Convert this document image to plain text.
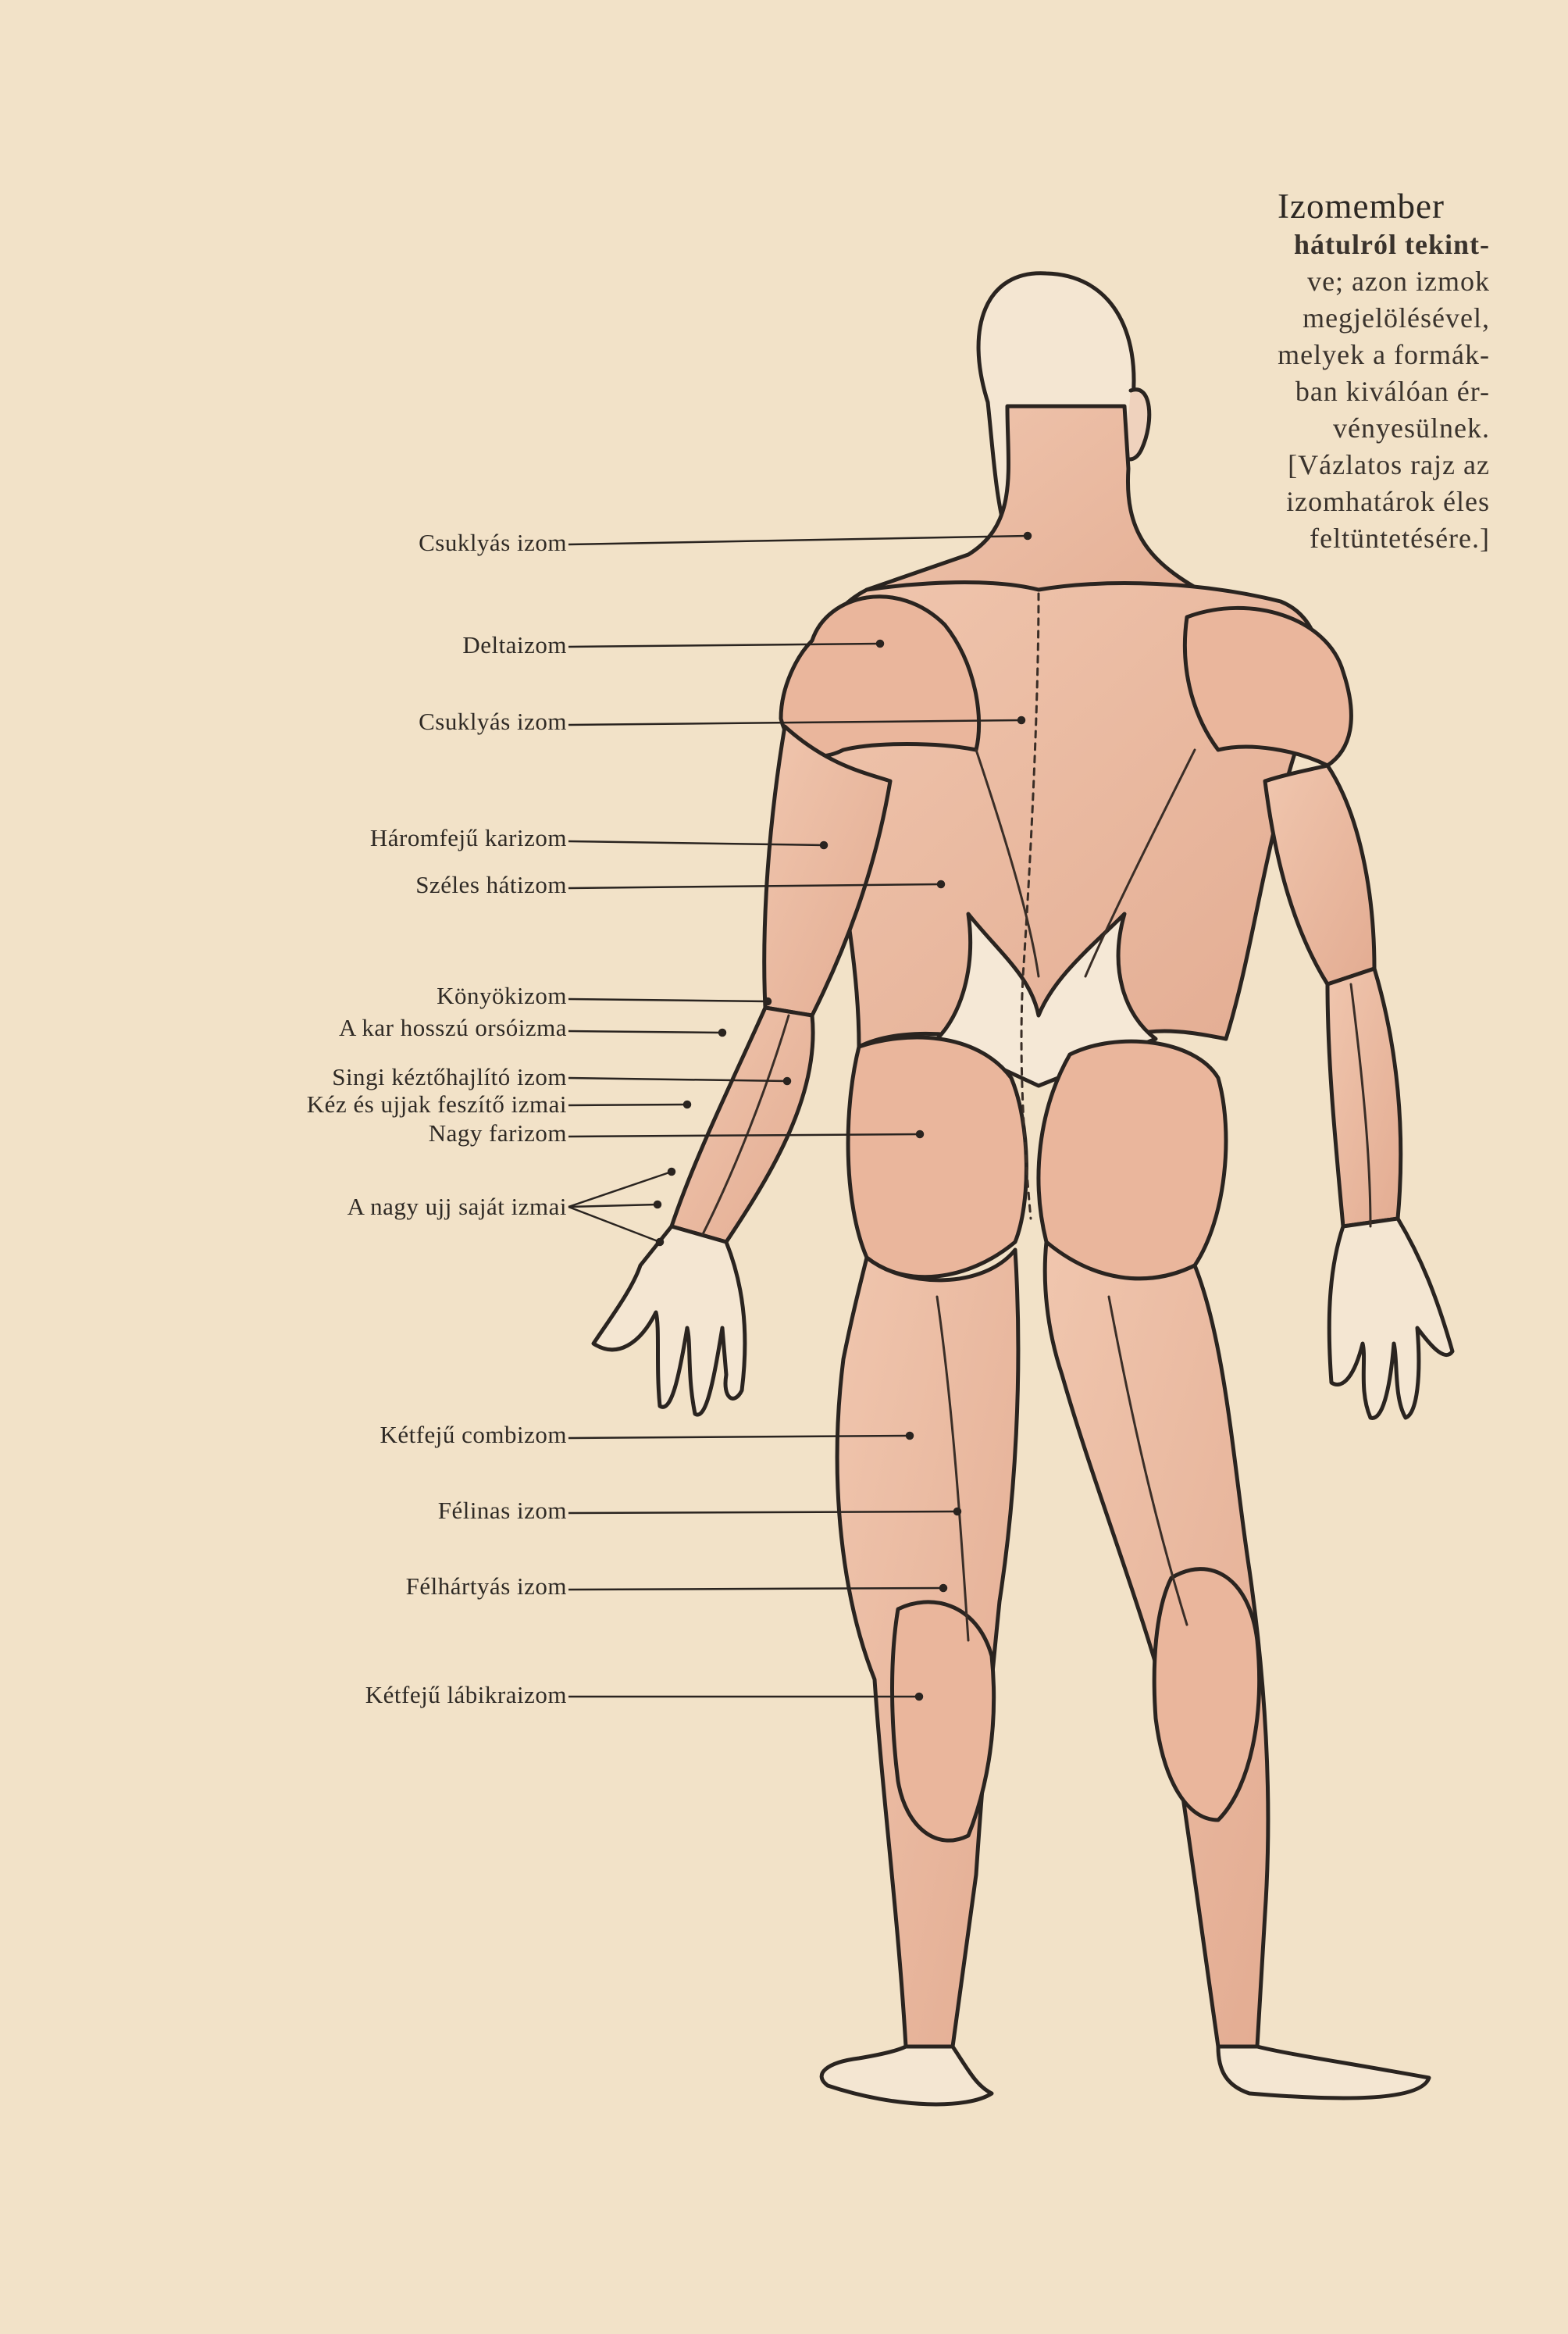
Izomember
hátulról tekint-
ve; azon izmok
megjelölésével,
melyek a formák-
ban kiválóan ér-
vényesülnek.
[Vázlatos rajz az
izomhatárok éles
feltüntetésére.]
Csuklyás izom
Deltaizom
Csuklyás izom
Háromfejű karizom
Széles hátizom
Könyökizom
A kar hosszú orsóizma
Singi kéztőhajlító izom
Kéz és ujjak feszítő izmai
Nagy farizom
A nagy ujj saját izmai
Kétfejű combizom
Félinas izom
Félhártyás izom
Kétfejű lábikraizom
